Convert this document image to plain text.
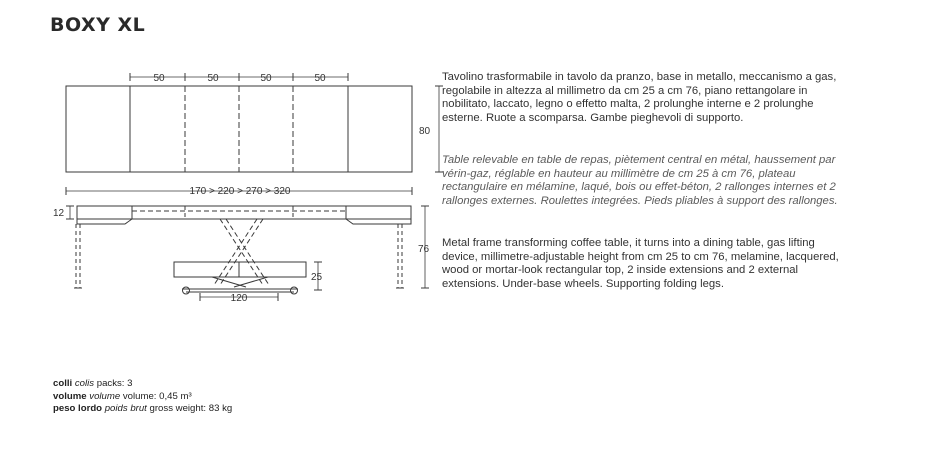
BOXY XL
50	50	50	50
80
170 > 220 > 270 > 320
12
76
25
120
Tavolino trasformabile in tavolo da pranzo, base in metallo, meccanismo a gas, regolabile in altezza al millimetro da cm 25 a cm 76, piano rettangolare in nobilitato, laccato, legno o effetto malta, 2 prolunghe interne e 2 prolunghe esterne. Ruote a scomparsa. Gambe pieghevoli di supporto.
Table relevable en table de repas, piètement central en métal, haussement par vérin-gaz, réglable en hauteur au millimètre de cm 25 à cm 76, plateau rectangulaire en mélamine, laqué, bois ou effet-béton, 2 rallonges internes et 2 rallonges externes. Roulettes integrées. Pieds pliables à support des rallonges.
Metal frame transforming coffee table, it turns into a dining table, gas lifting device, millimetre-adjustable height from cm 25 to cm 76, melamine, lacquered, wood or mortar-look rectangular top, 2 inside extensions and 2 external extensions. Under-base wheels. Supporting folding legs.
colli colis packs: 3
volume volume volume: 0,45 m³
peso lordo poids brut gross weight: 83 kg
